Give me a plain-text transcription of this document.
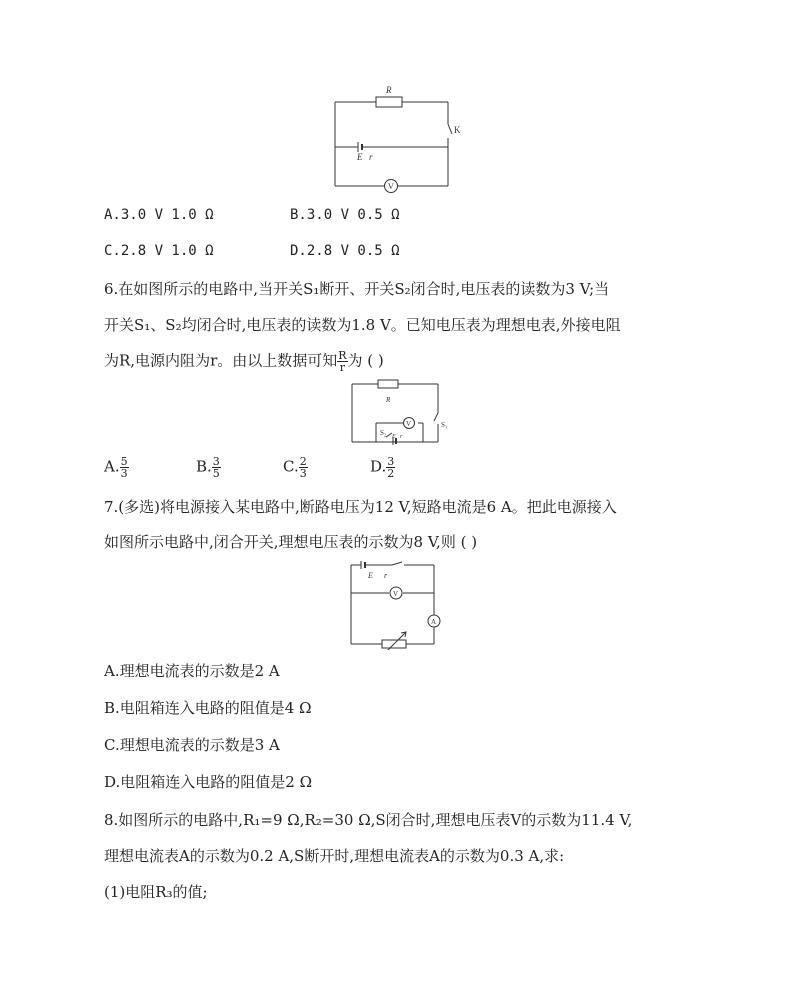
R
K
E r
V
A.3.0 V 1.0 Ω	B.3.0 V 0.5 Ω
C.2.8 V 1.0 Ω	D.2.8 V 0.5 Ω
6.在如图所示的电路中,当开关S₁断开、开关S₂闭合时,电压表的读数为3 V;当
开关S₁、S₂均闭合时,电压表的读数为1.8 V。已知电压表为理想电表,外接电阻
为R,电源内阻为r。由以上数据可知 $\frac{R}{r}$ 为 ( )
R
S₁
S₂ E r
V
A. $\frac{5}{3}$	B. $\frac{3}{5}$	C. $\frac{2}{3}$	D. $\frac{3}{2}$
7.(多选)将电源接入某电路中,断路电压为12 V,短路电流是6 A。把此电源接入
如图所示电路中,闭合开关,理想电压表的示数为8 V,则 ( )
E r
V
A
A.理想电流表的示数是2 A
B.电阻箱连入电路的阻值是4 Ω
C.理想电流表的示数是3 A
D.电阻箱连入电路的阻值是2 Ω
8.如图所示的电路中,R₁=9 Ω,R₂=30 Ω,S闭合时,理想电压表V的示数为11.4 V,
理想电流表A的示数为0.2 A,S断开时,理想电流表A的示数为0.3 A,求:
(1)电阻R₃的值;
